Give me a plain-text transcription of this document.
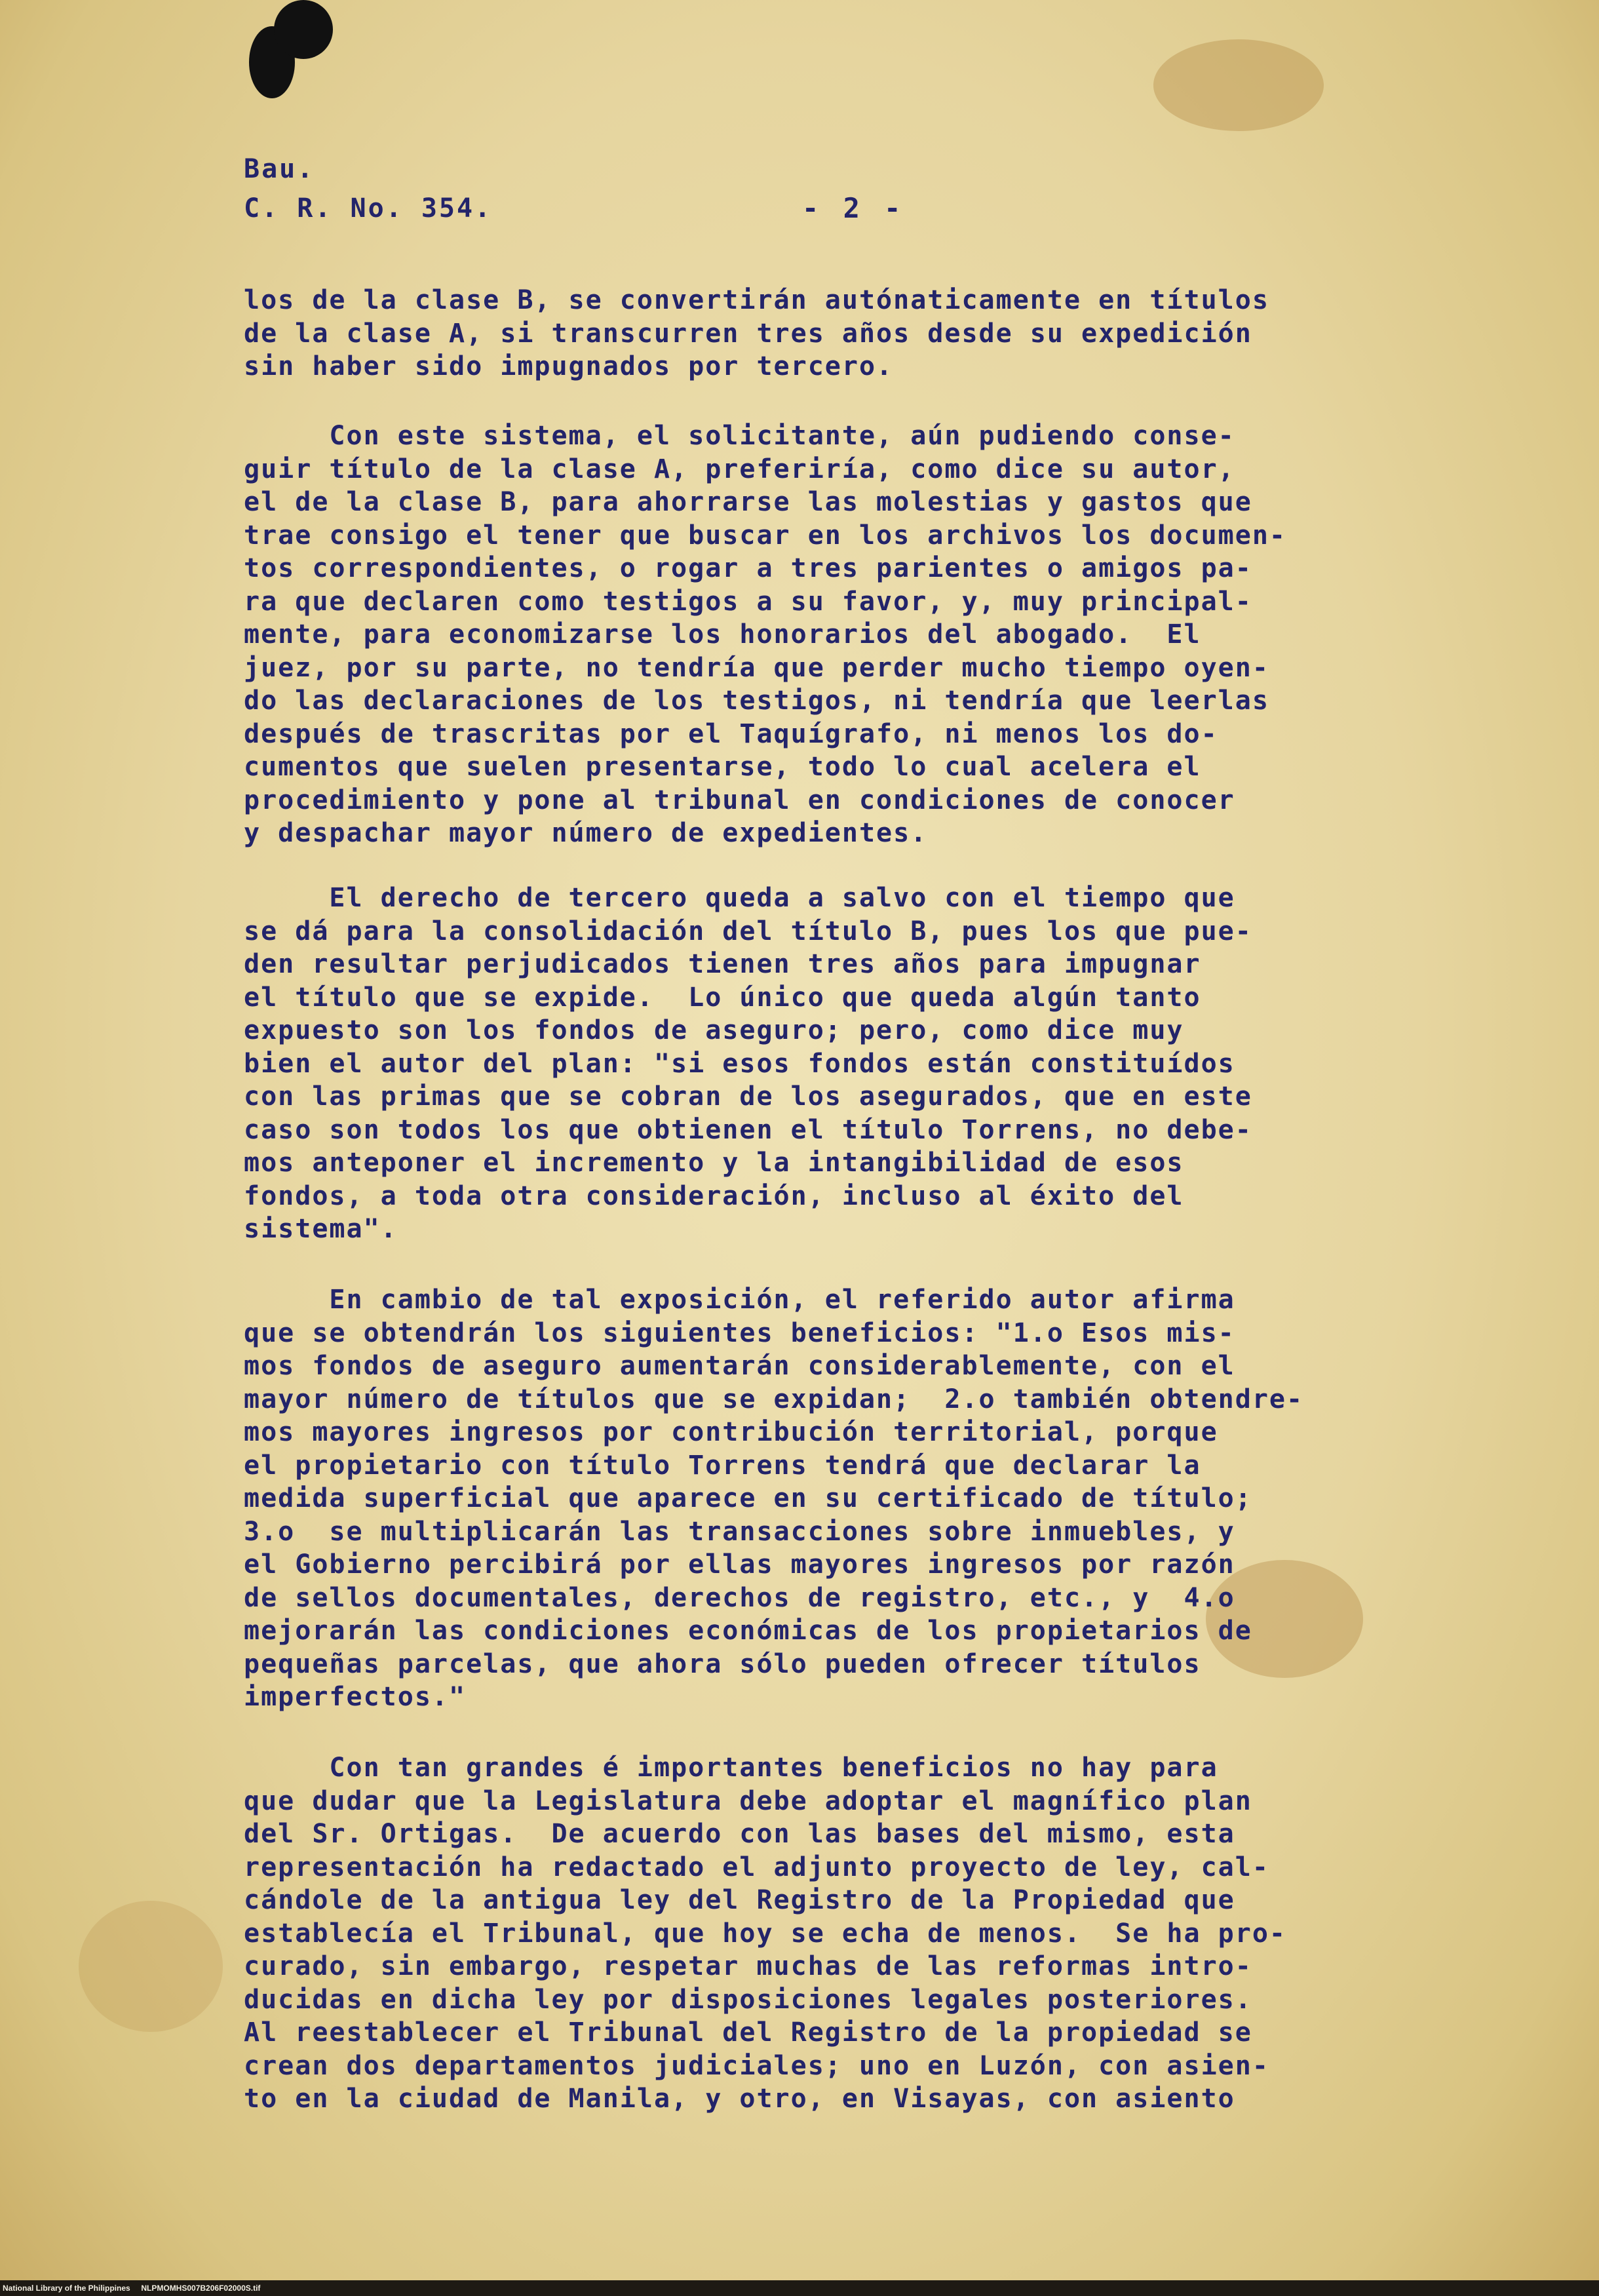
Bau.
C. R. No. 354.	- 2 -
los de la clase B, se convertirán autónaticamente en títulos
de la clase A, si transcurren tres años desde su expedición
sin haber sido impugnados por tercero.
Con este sistema, el solicitante, aún pudiendo conse-
guir título de la clase A, preferiría, como dice su autor,
el de la clase B, para ahorrarse las molestias y gastos que
trae consigo el tener que buscar en los archivos los documen-
tos correspondientes, o rogar a tres parientes o amigos pa-
ra que declaren como testigos a su favor, y, muy principal-
mente, para economizarse los honorarios del abogado.  El
juez, por su parte, no tendría que perder mucho tiempo oyen-
do las declaraciones de los testigos, ni tendría que leerlas
después de trascritas por el Taquígrafo, ni menos los do-
cumentos que suelen presentarse, todo lo cual acelera el
procedimiento y pone al tribunal en condiciones de conocer
y despachar mayor número de expedientes.
El derecho de tercero queda a salvo con el tiempo que
se dá para la consolidación del título B, pues los que pue-
den resultar perjudicados tienen tres años para impugnar
el título que se expide.  Lo único que queda algún tanto
expuesto son los fondos de aseguro; pero, como dice muy
bien el autor del plan: "si esos fondos están constituídos
con las primas que se cobran de los asegurados, que en este
caso son todos los que obtienen el título Torrens, no debe-
mos anteponer el incremento y la intangibilidad de esos
fondos, a toda otra consideración, incluso al éxito del
sistema".
En cambio de tal exposición, el referido autor afirma
que se obtendrán los siguientes beneficios: "1.o Esos mis-
mos fondos de aseguro aumentarán considerablemente, con el
mayor número de títulos que se expidan;  2.o también obtendre-
mos mayores ingresos por contribución territorial, porque
el propietario con título Torrens tendrá que declarar la
medida superficial que aparece en su certificado de título;
3.o  se multiplicarán las transacciones sobre inmuebles, y
el Gobierno percibirá por ellas mayores ingresos por razón
de sellos documentales, derechos de registro, etc., y  4.o
mejorarán las condiciones económicas de los propietarios de
pequeñas parcelas, que ahora sólo pueden ofrecer títulos
imperfectos."
Con tan grandes é importantes beneficios no hay para
que dudar que la Legislatura debe adoptar el magnífico plan
del Sr. Ortigas.  De acuerdo con las bases del mismo, esta
representación ha redactado el adjunto proyecto de ley, cal-
cándole de la antigua ley del Registro de la Propiedad que
establecía el Tribunal, que hoy se echa de menos.  Se ha pro-
curado, sin embargo, respetar muchas de las reformas intro-
ducidas en dicha ley por disposiciones legales posteriores.
Al reestablecer el Tribunal del Registro de la propiedad se
crean dos departamentos judiciales; uno en Luzón, con asien-
to en la ciudad de Manila, y otro, en Visayas, con asiento
National Library of the Philippines     NLPMOMHS007B206F02000S.tif
